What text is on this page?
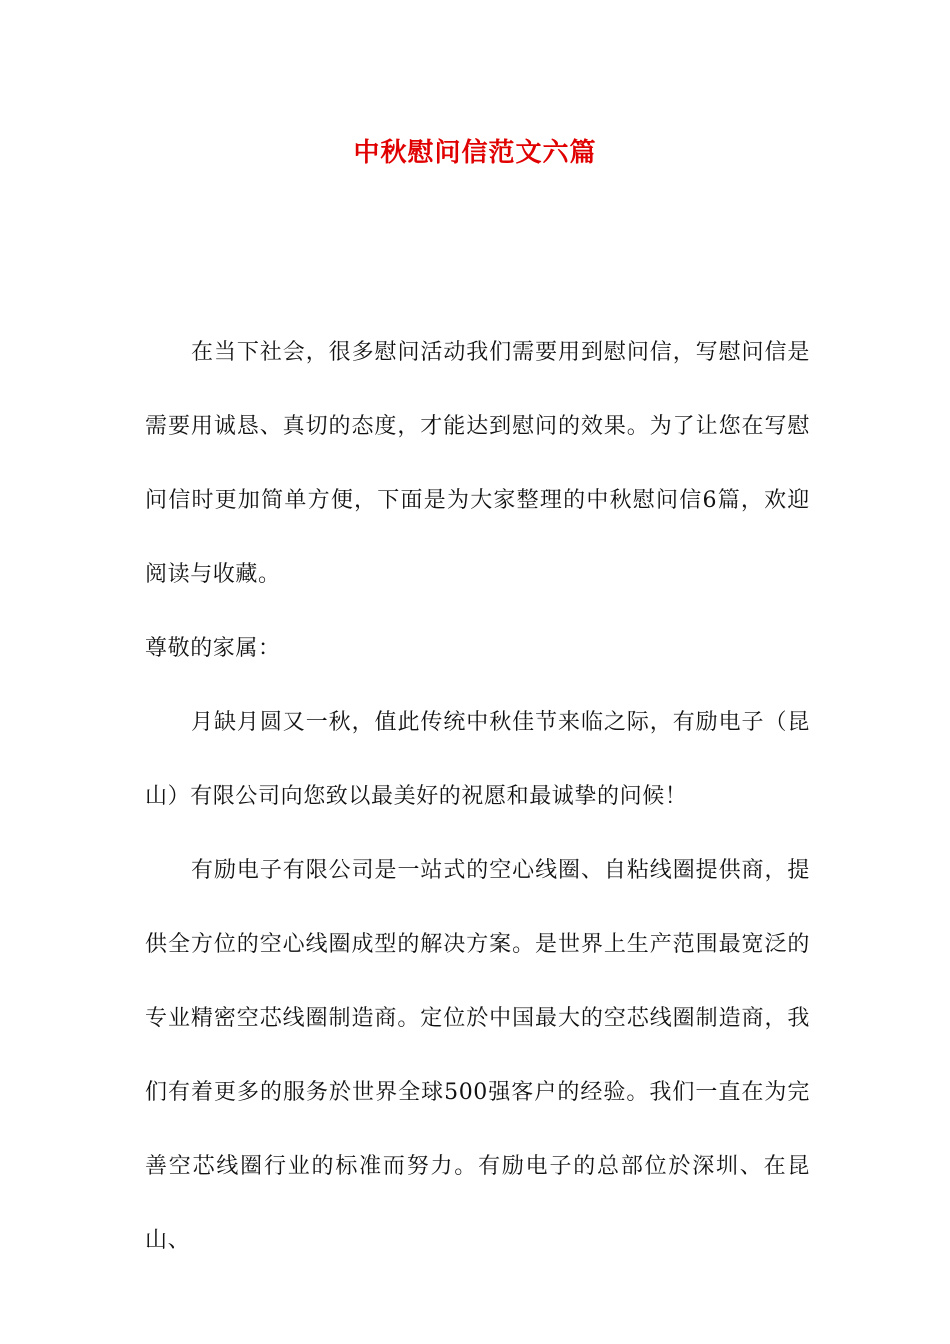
中秋慰问信范文六篇

在当下社会，很多慰问活动我们需要用到慰问信，写慰问信是需要用诚恳、真切的态度，才能达到慰问的效果。为了让您在写慰问信时更加简单方便，下面是为大家整理的中秋慰问信6篇，欢迎阅读与收藏。

尊敬的家属：

月缺月圆又一秋，值此传统中秋佳节来临之际，有励电子（昆山）有限公司向您致以最美好的祝愿和最诚挚的问候！

有励电子有限公司是一站式的空心线圈、自粘线圈提供商，提供全方位的空心线圈成型的解决方案。是世界上生产范围最宽泛的专业精密空芯线圈制造商。定位於中国最大的空芯线圈制造商，我们有着更多的服务於世界全球500强客户的经验。我们一直在为完善空芯线圈行业的标准而努力。有励电子的总部位於深圳、在昆山、
